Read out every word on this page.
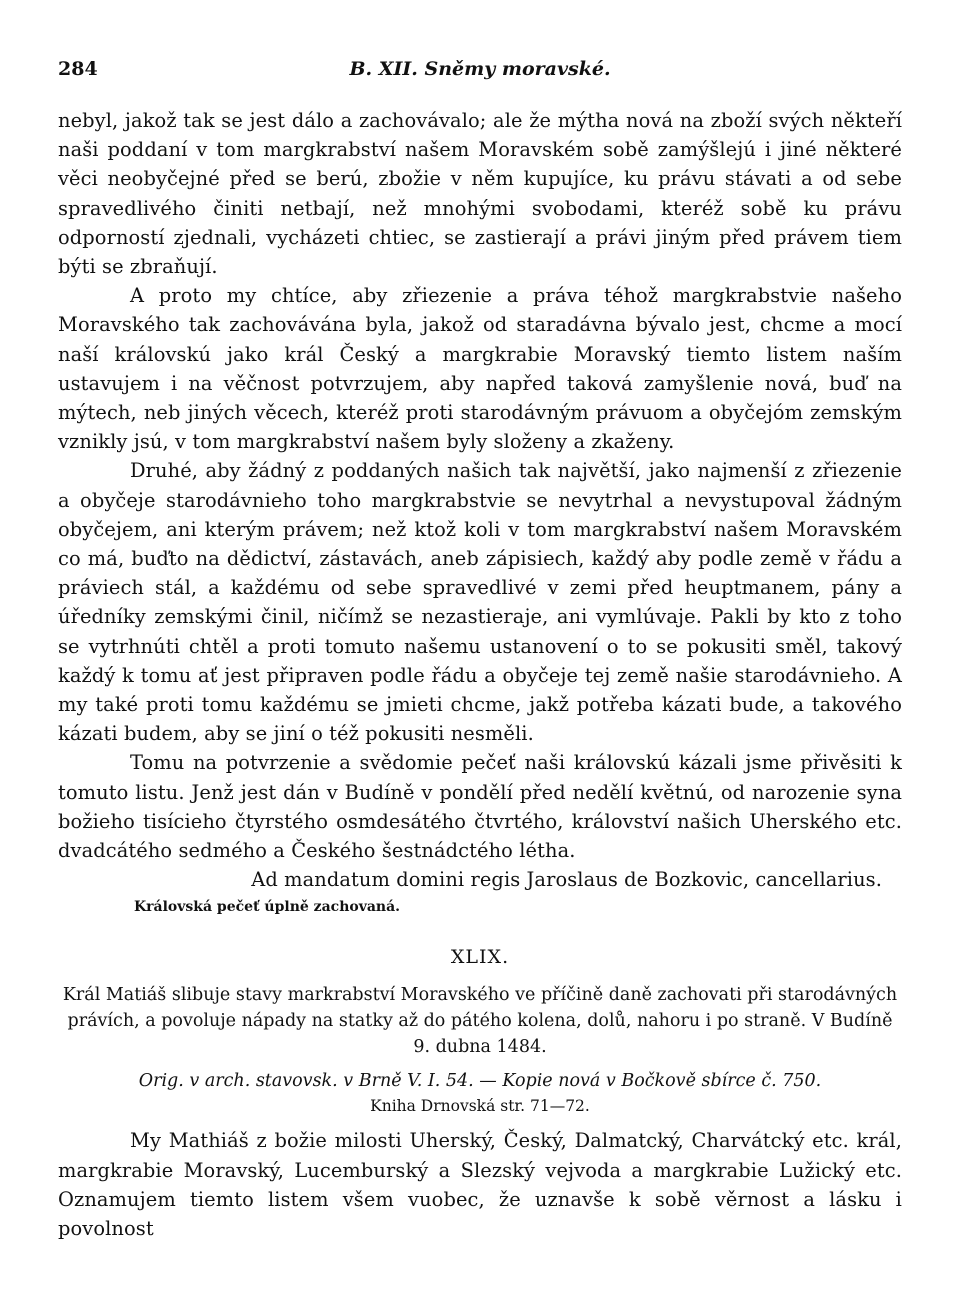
284	B. XII. Sněmy moravské.

nebyl, jakož tak se jest dálo a zachovávalo; ale že mýtha nová na zboží svých někteří naši poddaní v tom margkrabství našem Moravském sobě zamýšlejú i jiné některé věci neobyčejné před se berú, zbožie v něm kupujíce, ku právu stávati a od sebe spravedlivého činiti netbají, než mnohými svobodami, kteréž sobě ku právu odporností zjednali, vycházeti chtiec, se zastierají a právi jiným před právem tiem býti se zbraňují.

A proto my chtíce, aby zřiezenie a práva téhož margkrabstvie našeho Moravského tak zachovávána byla, jakož od staradávna bývalo jest, chcme a mocí naší královskú jako král Český a margkrabie Moravský tiemto listem naším ustavujem i na věčnost potvrzujem, aby napřed taková zamyšlenie nová, buď na mýtech, neb jiných věcech, kteréž proti starodávným právuom a obyčejóm zemským vznikly jsú, v tom margkrabství našem byly složeny a zkaženy.

Druhé, aby žádný z poddaných našich tak najvětší, jako najmenší z zřiezenie a obyčeje starodávnieho toho margkrabstvie se nevytrhal a nevystupoval žádným obyčejem, ani kterým právem; než ktož koli v tom margkrabství našem Moravském co má, buďto na dědictví, zástavách, aneb zápisiech, každý aby podle země v řádu a práviech stál, a každému od sebe spravedlivé v zemi před heuptmanem, pány a úředníky zemskými činil, ničímž se nezastieraje, ani vymlúvaje. Pakli by kto z toho se vytrhnúti chtěl a proti tomuto našemu ustanovení o to se pokusiti směl, takový každý k tomu ať jest připraven podle řádu a obyčeje tej země našie starodávnieho. A my také proti tomu každému se jmieti chcme, jakž potřeba kázati bude, a takového kázati budem, aby se jiní o též pokusiti nesměli.

Tomu na potvrzenie a svědomie pečeť naši královskú kázali jsme přivěsiti k tomuto listu. Jenž jest dán v Budíně v pondělí před nedělí květnú, od narozenie syna božieho tisícieho čtyrstého osmdesátého čtvrtého, království našich Uherského etc. dvadcátého sedmého a Českého šestnádctého létha.

Ad mandatum domini regis Jaroslaus de Bozkovic, cancellarius.

Královská pečeť úplně zachovaná.
XLIX.
Král Matiáš slibuje stavy markrabství Moravského ve příčině daně zachovati při starodávných právích, a povoluje nápady na statky až do pátého kolena, dolů, nahoru i po straně. V Budíně 9. dubna 1484.
Orig. v arch. stavovsk. v Brně V. I. 54. — Kopie nová v Bočkově sbírce č. 750.
Kniha Drnovská str. 71—72.

My Mathiáš z božie milosti Uherský, Český, Dalmatcký, Charvátcký etc. král, margkrabie Moravský, Lucemburský a Slezský vejvoda a margkrabie Lužický etc. Oznamujem tiemto listem všem vuobec, že uznavše k sobě věrnost a lásku i povolnost
